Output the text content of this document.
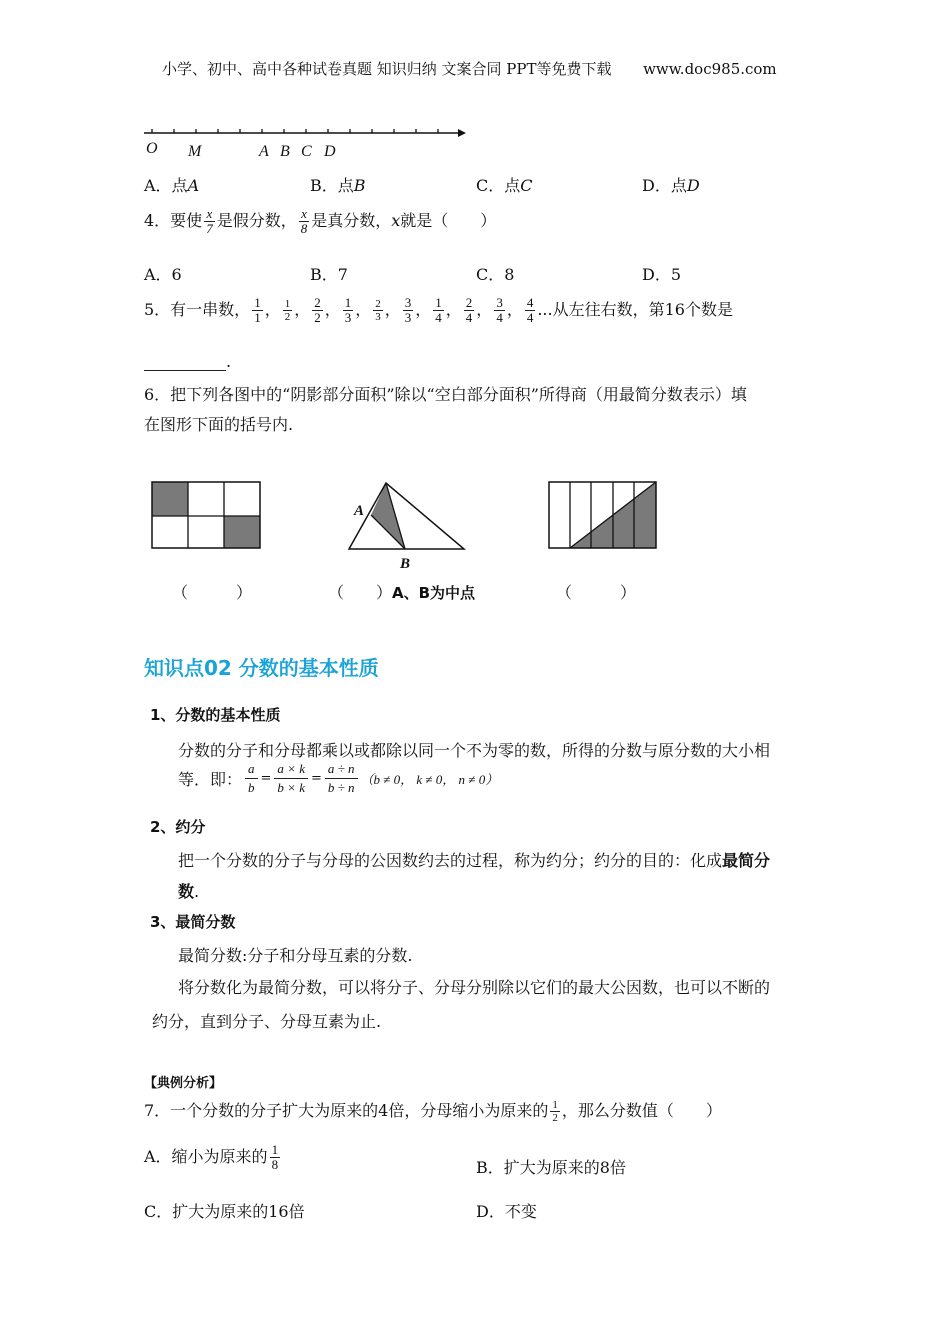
小学、初中、高中各种试卷真题 知识归纳 文案合同 PPT等免费下载 www.doc985.com
O M	A B C D
A．点A	B．点B	C．点C	D．点D
4．要使 $\frac{x}{7}$ 是假分数， $\frac{x}{8}$ 是真分数，x就是（　　）
A．6	B．7	C．8	D．5
5．有一串数， $\frac{1}{1}$ ， $\frac{1}{2}$ ， $\frac{2}{2}$ ， $\frac{1}{3}$ ， $\frac{2}{3}$ ， $\frac{3}{3}$ ， $\frac{1}{4}$ ， $\frac{2}{4}$ ， $\frac{3}{4}$ ， $\frac{4}{4}$ ...从左往右数，第16个数是
.
6．把下列各图中的“阴影部分面积”除以“空白部分面积”所得商（用最简分数表示）填
在图形下面的括号内.
A
B
（　　　）	（　　）A、B为中点	（　　　）
知识点02 分数的基本性质
1、分数的基本性质
分数的分子和分母都乘以或都除以同一个不为零的数，所得的分数与原分数的大小相
等．即： $\frac{a}{b} = \frac{a \times k}{b \times k} = \frac{a \div n}{b \div n} (b \ne 0$， k ≠ 0， n ≠ 0）
2、约分
把一个分数的分子与分母的公因数约去的过程，称为约分；约分的目的：化成最简分
数.
3、最简分数
最简分数:分子和分母互素的分数.
将分数化为最简分数，可以将分子、分母分别除以它们的最大公因数，也可以不断的
约分，直到分子、分母互素为止.
【典例分析】
7．一个分数的分子扩大为原来的4倍，分母缩小为原来的 $\frac{1}{2}$ ，那么分数值（　　）
A．缩小为原来的 $\frac{1}{8}$	B．扩大为原来的8倍
C．扩大为原来的16倍	D．不变
